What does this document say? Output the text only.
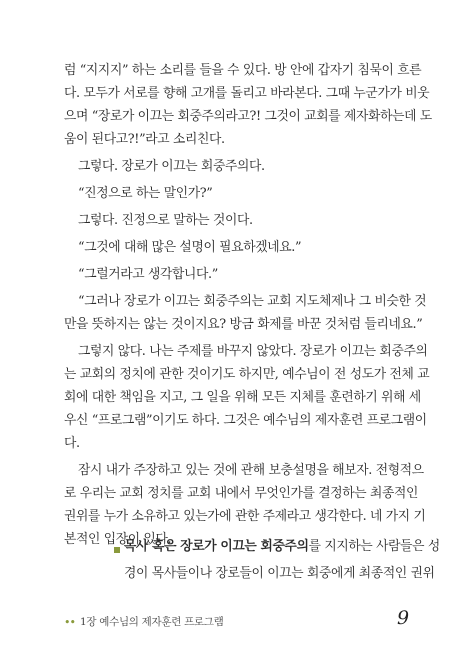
럼 “지지지” 하는 소리를 들을 수 있다. 방 안에 갑자기 침묵이 흐른
다. 모두가 서로를 향해 고개를 돌리고 바라본다. 그때 누군가가 비웃
으며 “장로가 이끄는 회중주의라고?! 그것이 교회를 제자화하는데 도
움이 된다고?!”라고 소리친다.
그렇다. 장로가 이끄는 회중주의다.
“진정으로 하는 말인가?”
그렇다. 진정으로 말하는 것이다.
“그것에 대해 많은 설명이 필요하겠네요.”
“그럴거라고 생각합니다.”
“그러나 장로가 이끄는 회중주의는 교회 지도체제나 그 비슷한 것
만을 뜻하지는 않는 것이지요? 방금 화제를 바꾼 것처럼 들리네요.”
그렇지 않다. 나는 주제를 바꾸지 않았다. 장로가 이끄는 회중주의
는 교회의 정치에 관한 것이기도 하지만, 예수님이 전 성도가 전체 교
회에 대한 책임을 지고, 그 일을 위해 모든 지체를 훈련하기 위해 세
우신 “프로그램”이기도 하다. 그것은 예수님의 제자훈련 프로그램이
다.
잠시 내가 주장하고 있는 것에 관해 보충설명을 해보자. 전형적으
로 우리는 교회 정치를 교회 내에서 무엇인가를 결정하는 최종적인
권위를 누가 소유하고 있는가에 관한 주제라고 생각한다. 네 가지 기
본적인 입장이 있다.
목사 혹은 장로가 이끄는 회중주의를 지지하는 사람들은 성
경이 목사들이나 장로들이 이끄는 회중에게 최종적인 권위
•• 1장 예수님의 제자훈련 프로그램	9
